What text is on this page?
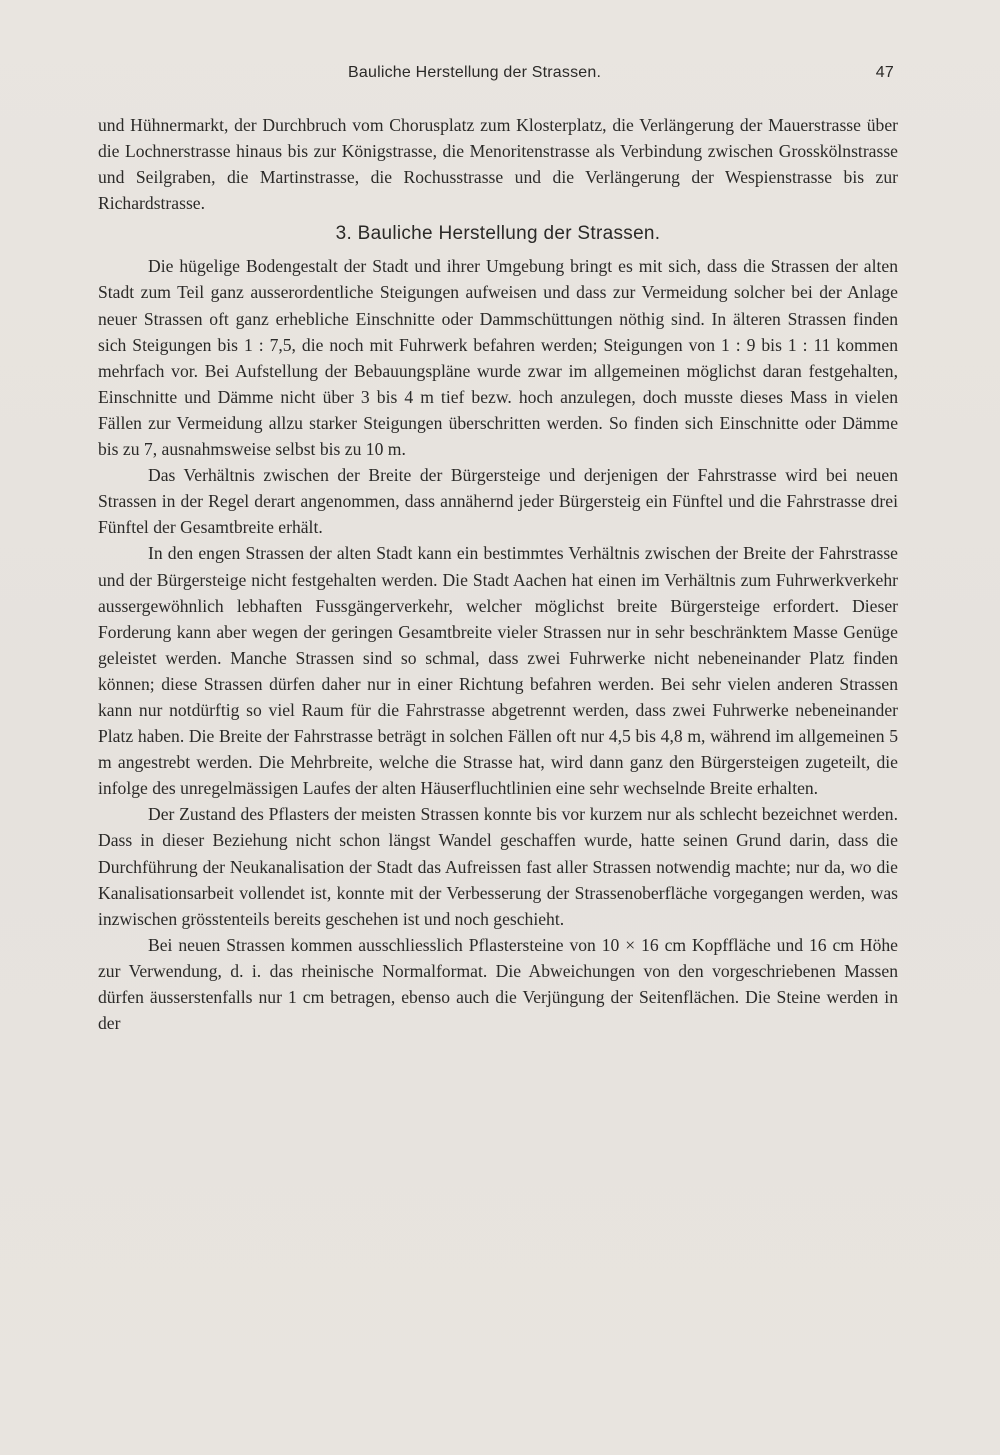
Bauliche Herstellung der Strassen.	47

und Hühnermarkt, der Durchbruch vom Chorusplatz zum Klosterplatz, die Verlängerung der Mauerstrasse über die Lochnerstrasse hinaus bis zur Königstrasse, die Menoritenstrasse als Verbindung zwischen Grosskölnstrasse und Seilgraben, die Martinstrasse, die Rochusstrasse und die Verlängerung der Wespienstrasse bis zur Richardstrasse.

3. Bauliche Herstellung der Strassen.

Die hügelige Bodengestalt der Stadt und ihrer Umgebung bringt es mit sich, dass die Strassen der alten Stadt zum Teil ganz ausserordentliche Steigungen aufweisen und dass zur Vermeidung solcher bei der Anlage neuer Strassen oft ganz erhebliche Einschnitte oder Dammschüttungen nöthig sind. In älteren Strassen finden sich Steigungen bis 1 : 7,5, die noch mit Fuhrwerk befahren werden; Steigungen von 1 : 9 bis 1 : 11 kommen mehrfach vor. Bei Aufstellung der Bebauungspläne wurde zwar im allgemeinen möglichst daran festgehalten, Einschnitte und Dämme nicht über 3 bis 4 m tief bezw. hoch anzulegen, doch musste dieses Mass in vielen Fällen zur Vermeidung allzu starker Steigungen überschritten werden. So finden sich Einschnitte oder Dämme bis zu 7, ausnahmsweise selbst bis zu 10 m.

Das Verhältnis zwischen der Breite der Bürgersteige und derjenigen der Fahrstrasse wird bei neuen Strassen in der Regel derart angenommen, dass annähernd jeder Bürgersteig ein Fünftel und die Fahrstrasse drei Fünftel der Gesamtbreite erhält.

In den engen Strassen der alten Stadt kann ein bestimmtes Verhältnis zwischen der Breite der Fahrstrasse und der Bürgersteige nicht festgehalten werden. Die Stadt Aachen hat einen im Verhältnis zum Fuhrwerkverkehr aussergewöhnlich lebhaften Fussgängerverkehr, welcher möglichst breite Bürgersteige erfordert. Dieser Forderung kann aber wegen der geringen Gesamtbreite vieler Strassen nur in sehr beschränktem Masse Genüge geleistet werden. Manche Strassen sind so schmal, dass zwei Fuhrwerke nicht nebeneinander Platz finden können; diese Strassen dürfen daher nur in einer Richtung befahren werden. Bei sehr vielen anderen Strassen kann nur notdürftig so viel Raum für die Fahrstrasse abgetrennt werden, dass zwei Fuhrwerke nebeneinander Platz haben. Die Breite der Fahrstrasse beträgt in solchen Fällen oft nur 4,5 bis 4,8 m, während im allgemeinen 5 m angestrebt werden. Die Mehrbreite, welche die Strasse hat, wird dann ganz den Bürgersteigen zugeteilt, die infolge des unregelmässigen Laufes der alten Häuserfluchtlinien eine sehr wechselnde Breite erhalten.

Der Zustand des Pflasters der meisten Strassen konnte bis vor kurzem nur als schlecht bezeichnet werden. Dass in dieser Beziehung nicht schon längst Wandel geschaffen wurde, hatte seinen Grund darin, dass die Durchführung der Neukanalisation der Stadt das Aufreissen fast aller Strassen notwendig machte; nur da, wo die Kanalisationsarbeit vollendet ist, konnte mit der Verbesserung der Strassenoberfläche vorgegangen werden, was inzwischen grösstenteils bereits geschehen ist und noch geschieht.

Bei neuen Strassen kommen ausschliesslich Pflastersteine von 10 × 16 cm Kopffläche und 16 cm Höhe zur Verwendung, d. i. das rheinische Normalformat. Die Abweichungen von den vorgeschriebenen Massen dürfen äusserstenfalls nur 1 cm betragen, ebenso auch die Verjüngung der Seitenflächen. Die Steine werden in der
